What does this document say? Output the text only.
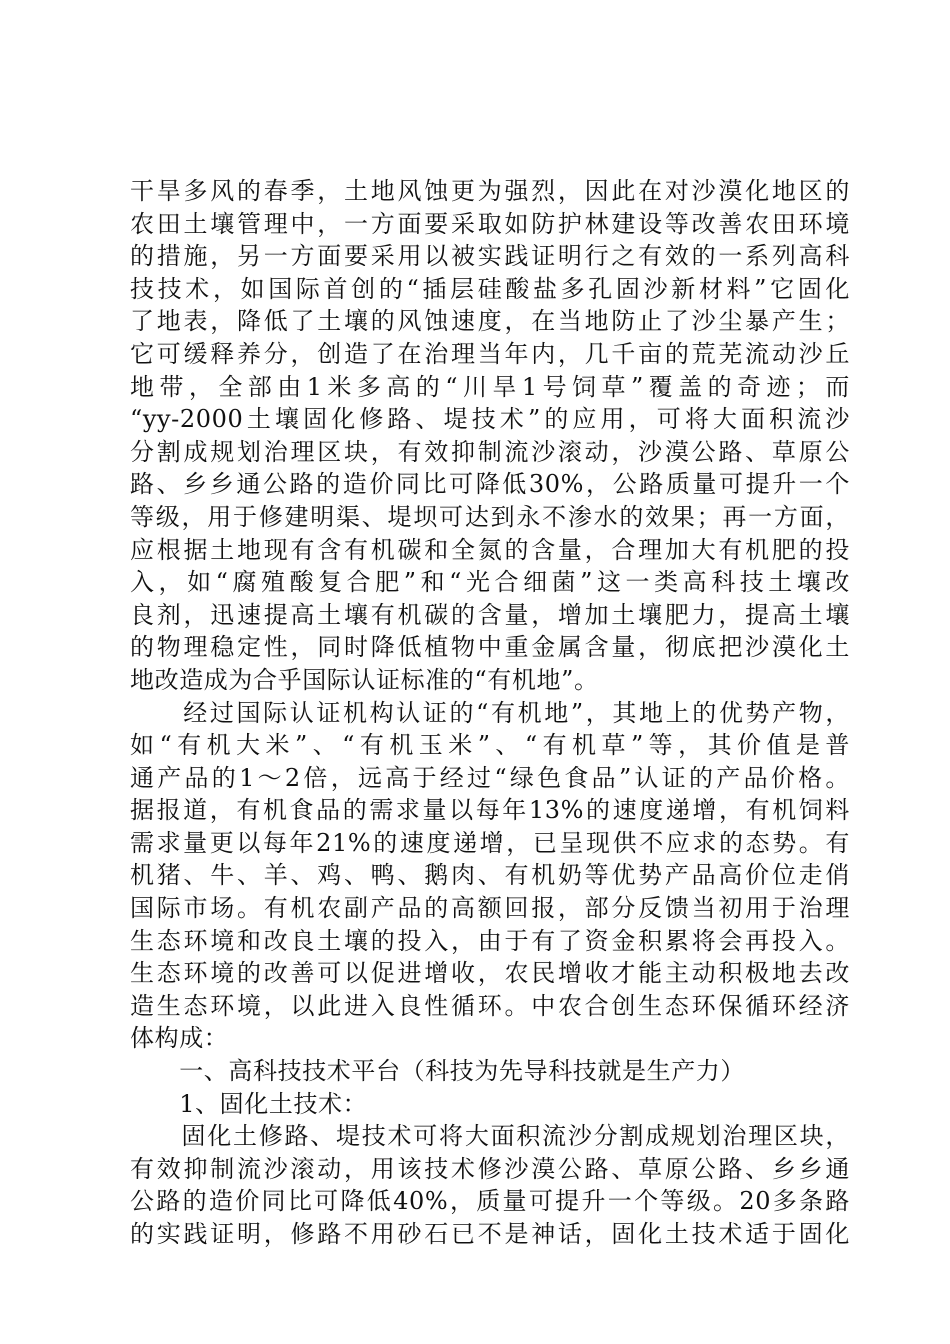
干旱多风的春季，土地风蚀更为强烈，因此在对沙漠化地区的
农田土壤管理中，一方面要采取如防护林建设等改善农田环境
的措施，另一方面要采用以被实践证明行之有效的一系列高科
技技术，如国际首创的“插层硅酸盐多孔固沙新材料”它固化
了地表，降低了土壤的风蚀速度，在当地防止了沙尘暴产生；
它可缓释养分，创造了在治理当年内，几千亩的荒芜流动沙丘
地带，全部由1米多高的“川旱1号饲草”覆盖的奇迹；而
“yy-2000土壤固化修路、堤技术”的应用，可将大面积流沙
分割成规划治理区块，有效抑制流沙滚动，沙漠公路、草原公
路、乡乡通公路的造价同比可降低30%，公路质量可提升一个
等级，用于修建明渠、堤坝可达到永不渗水的效果；再一方面，
应根据土地现有含有机碳和全氮的含量，合理加大有机肥的投
入，如“腐殖酸复合肥”和“光合细菌”这一类高科技土壤改
良剂，迅速提高土壤有机碳的含量，增加土壤肥力，提高土壤
的物理稳定性，同时降低植物中重金属含量，彻底把沙漠化土
地改造成为合乎国际认证标准的“有机地”。
　　经过国际认证机构认证的“有机地”，其地上的优势产物，
如“有机大米”、“有机玉米”、“有机草”等，其价值是普
通产品的1～2倍，远高于经过“绿色食品”认证的产品价格。
据报道，有机食品的需求量以每年13%的速度递增，有机饲料
需求量更以每年21%的速度递增，已呈现供不应求的态势。有
机猪、牛、羊、鸡、鸭、鹅肉、有机奶等优势产品高价位走俏
国际市场。有机农副产品的高额回报，部分反馈当初用于治理
生态环境和改良土壤的投入，由于有了资金积累将会再投入。
生态环境的改善可以促进增收，农民增收才能主动积极地去改
造生态环境，以此进入良性循环。中农合创生态环保循环经济
体构成：
　　一、高科技技术平台（科技为先导科技就是生产力）
　　1、固化土技术：
　　固化土修路、堤技术可将大面积流沙分割成规划治理区块，
有效抑制流沙滚动，用该技术修沙漠公路、草原公路、乡乡通
公路的造价同比可降低40%，质量可提升一个等级。20多条路
的实践证明，修路不用砂石已不是神话，固化土技术适于固化
